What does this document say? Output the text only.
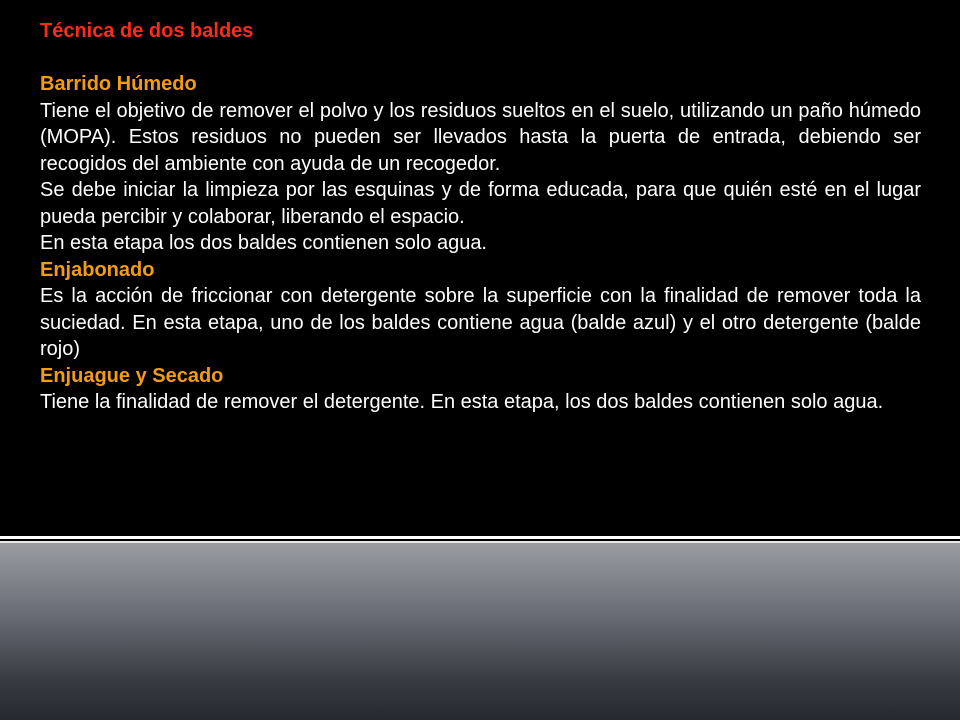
Técnica de dos baldes

Barrido Húmedo

Tiene el objetivo de remover el polvo y los residuos sueltos en el suelo, utilizando un paño húmedo (MOPA). Estos residuos no pueden ser llevados hasta la puerta de entrada, debiendo ser recogidos del ambiente con ayuda de un recogedor.

Se debe iniciar la limpieza por las esquinas y de forma educada, para que quién esté en el lugar pueda percibir y colaborar, liberando el espacio.

En esta etapa los dos baldes contienen solo agua.

Enjabonado

Es la acción de friccionar con detergente sobre la superficie con la finalidad de remover toda la suciedad. En esta etapa, uno de los baldes contiene agua (balde azul) y el otro detergente (balde rojo)

Enjuague y Secado

Tiene la finalidad de remover el detergente. En esta etapa, los dos baldes contienen solo agua.
